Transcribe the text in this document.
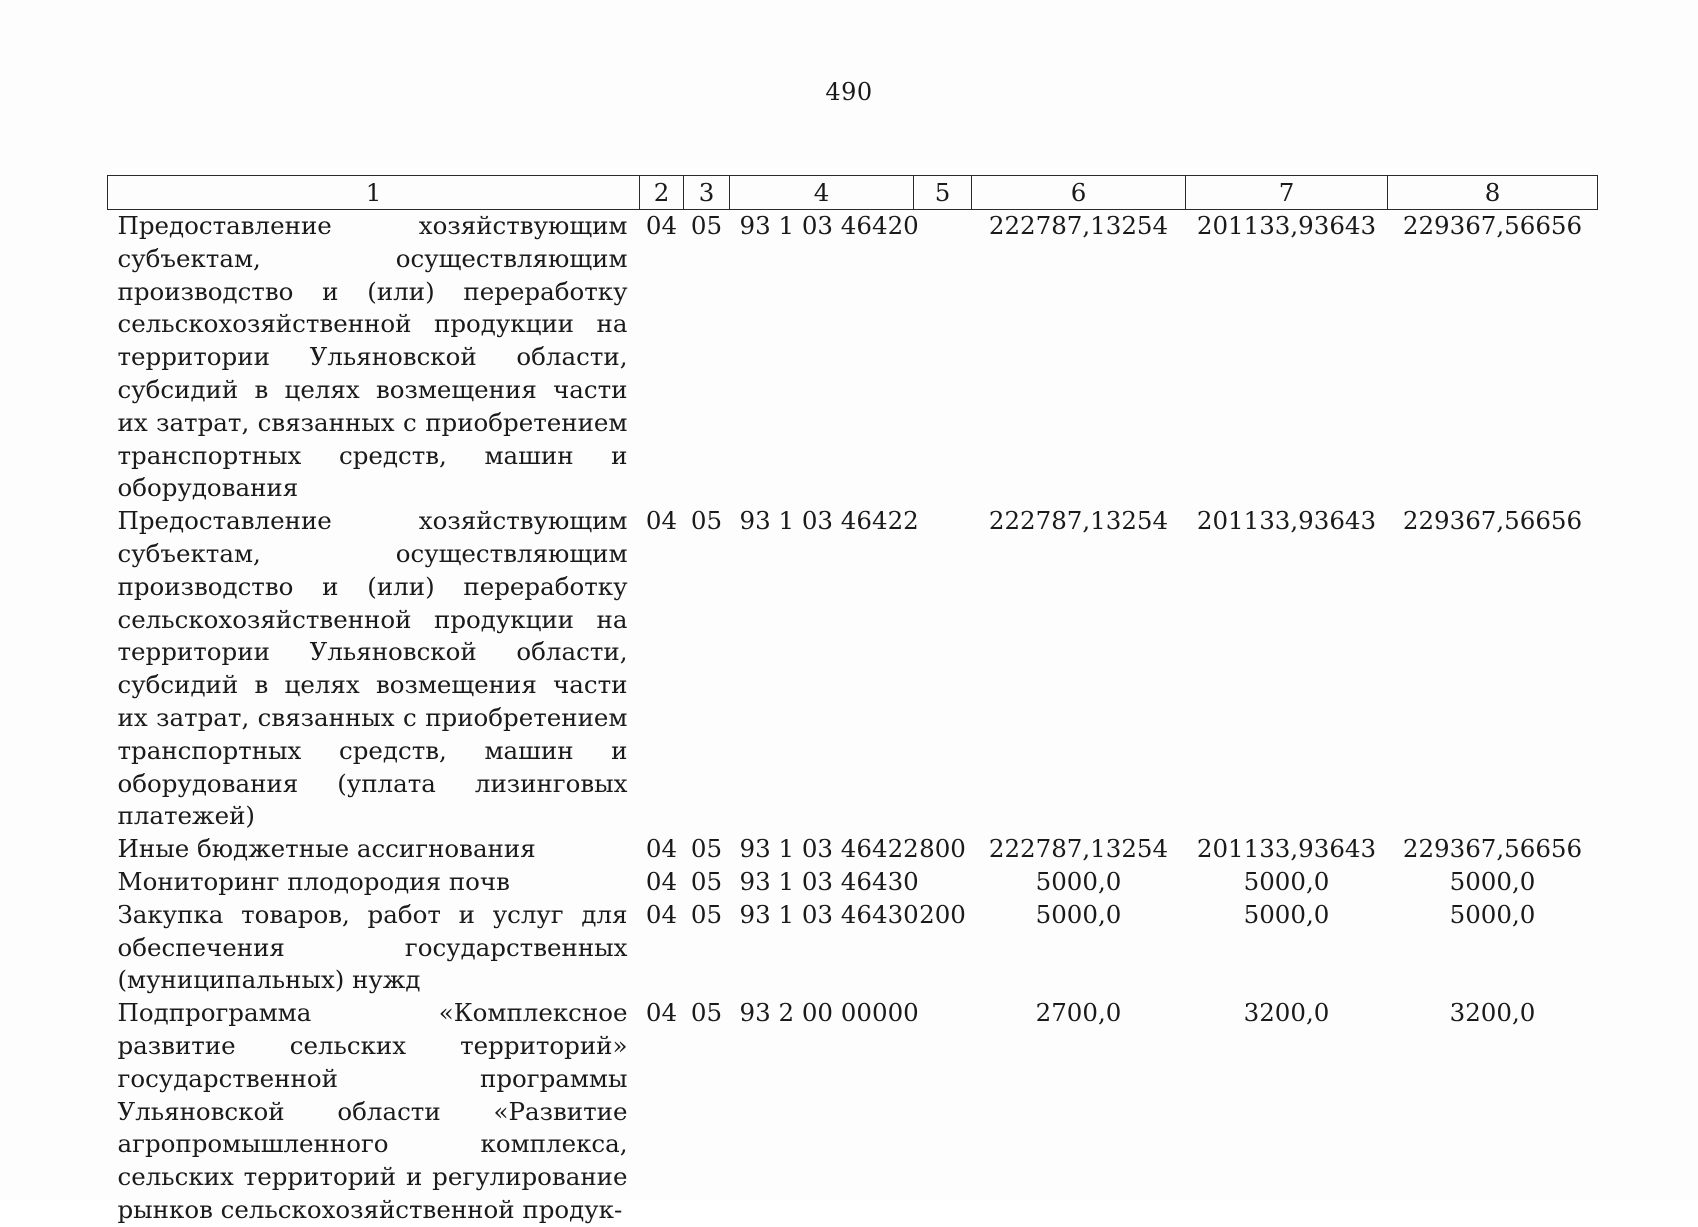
490
1	2	3	4	5	6	7	8
Предоставление хозяйствующим субъектам, осуществляющим производство и (или) переработку сельскохозяйственной продукции на территории Ульяновской области, субсидий в целях возмещения части их затрат, связанных с приобретением транспортных средств, машин и оборудования	04	05	93 1 03 46420		222787,13254	201133,93643	229367,56656
Предоставление хозяйствующим субъектам, осуществляющим производство и (или) переработку сельскохозяйственной продукции на территории Ульяновской области, субсидий в целях возмещения части их затрат, связанных с приобретением транспортных средств, машин и оборудования (уплата лизинговых платежей)	04	05	93 1 03 46422		222787,13254	201133,93643	229367,56656
Иные бюджетные ассигнования	04	05	93 1 03 46422	800	222787,13254	201133,93643	229367,56656
Мониторинг плодородия почв	04	05	93 1 03 46430		5000,0	5000,0	5000,0
Закупка товаров, работ и услуг для обеспечения государственных (муниципальных) нужд	04	05	93 1 03 46430	200	5000,0	5000,0	5000,0
Подпрограмма «Комплексное развитие сельских территорий» государственной программы Ульяновской области «Развитие агропромышленного комплекса, сельских территорий и регулирование рынков сельскохозяйственной продук-	04	05	93 2 00 00000		2700,0	3200,0	3200,0
